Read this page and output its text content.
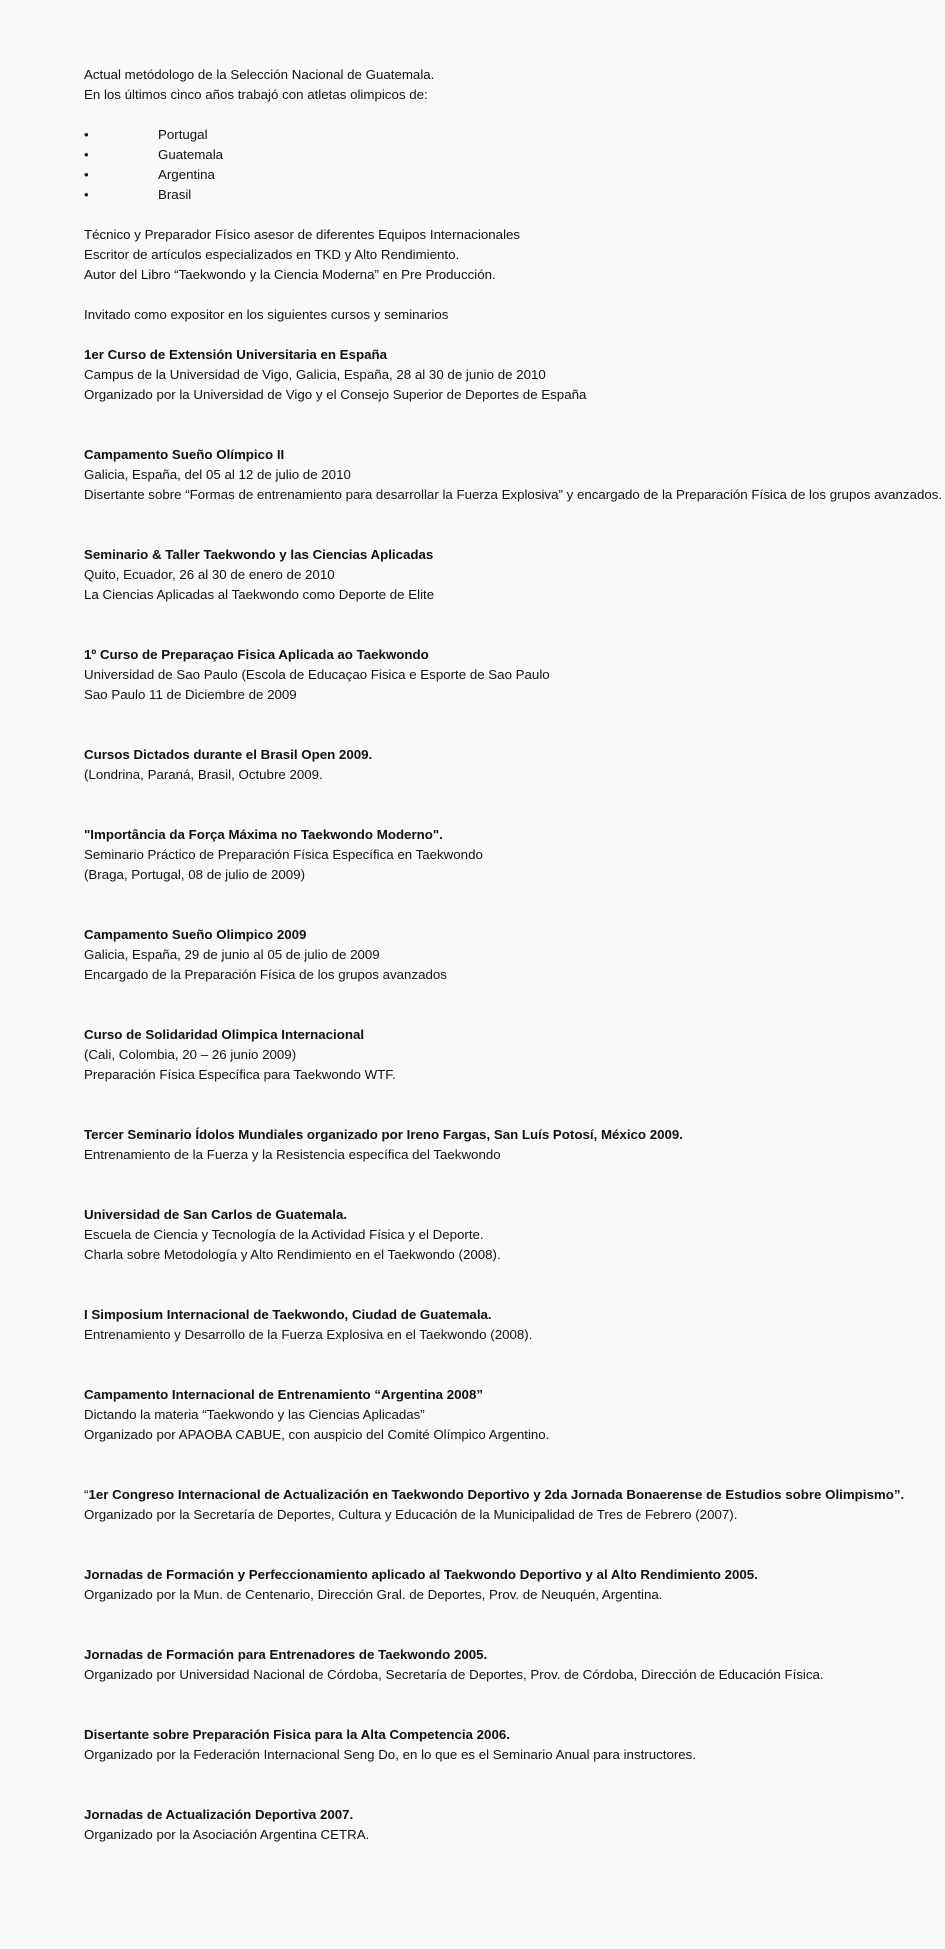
Actual metódologo de la Selección Nacional de Guatemala.

En los últimos cinco años trabajó con atletas olimpicos de:

•	Portugal
•	Guatemala
•	Argentina
•	Brasil

Técnico y Preparador Físico asesor de diferentes Equipos Internacionales

Escritor de artículos especializados en TKD y Alto Rendimiento.

Autor del Libro “Taekwondo y la Ciencia Moderna” en Pre Producción.

Invitado como expositor en los siguientes cursos y seminarios

1er Curso de Extensión Universitaria en España

Campus de la Universidad de Vigo, Galicia, España, 28 al 30 de junio de 2010

Organizado por la Universidad de Vigo y el Consejo Superior de Deportes de España

Campamento Sueño Olímpico II

Galicia, España, del 05 al 12 de julio de 2010

Disertante sobre “Formas de entrenamiento para desarrollar la Fuerza Explosiva” y encargado de la Preparación Física de los grupos avanzados.

Seminario & Taller Taekwondo y las Ciencias Aplicadas

Quito, Ecuador, 26 al 30 de enero de 2010

La Ciencias Aplicadas al Taekwondo como Deporte de Elite

1º Curso de Preparaçao Fisica Aplicada ao Taekwondo

Universidad de Sao Paulo (Escola de Educaçao Fisica e Esporte de Sao Paulo

Sao Paulo 11 de Diciembre de 2009

Cursos Dictados durante el Brasil Open 2009.

(Londrina, Paraná, Brasil, Octubre 2009.

"Importância da Força Máxima no Taekwondo Moderno".

Seminario Práctico de Preparación Física Específica en Taekwondo

(Braga, Portugal, 08 de julio de 2009)

Campamento Sueño Olimpico 2009

Galicia, España, 29 de junio al 05 de julio de 2009

Encargado de la Preparación Física de los grupos avanzados

Curso de Solidaridad Olimpica Internacional

(Cali, Colombia, 20 – 26 junio 2009)

Preparación Física Específica para Taekwondo WTF.

Tercer Seminario Ídolos Mundiales organizado por Ireno Fargas, San Luís Potosí, México 2009.

Entrenamiento de la Fuerza y la Resistencia específica del Taekwondo

Universidad de San Carlos de Guatemala.

Escuela de Ciencia y Tecnología de la Actividad Física y el Deporte.

Charla sobre Metodología y Alto Rendimiento en el Taekwondo (2008).

I Simposium Internacional de Taekwondo, Ciudad de Guatemala.

Entrenamiento y Desarrollo de la Fuerza Explosiva en el Taekwondo (2008).

Campamento Internacional de Entrenamiento “Argentina 2008”

Dictando la materia “Taekwondo y las Ciencias Aplicadas”

Organizado por APAOBA CABUE, con auspicio del Comité Olímpico Argentino.

“1er Congreso Internacional de Actualización en Taekwondo Deportivo y 2da Jornada Bonaerense de Estudios sobre Olimpismo”.

Organizado por la Secretaría de Deportes, Cultura y Educación de la Municipalidad de Tres de Febrero (2007).

Jornadas de Formación y Perfeccionamiento aplicado al Taekwondo Deportivo y al Alto Rendimiento 2005.

Organizado por la Mun. de Centenario, Dirección Gral. de Deportes, Prov. de Neuquén, Argentina.

Jornadas de Formación para Entrenadores de Taekwondo 2005.

Organizado por Universidad Nacional de Córdoba, Secretaría de Deportes, Prov. de Córdoba, Dirección de Educación Física.

Disertante sobre Preparación Fisica para la Alta Competencia 2006.

Organizado por la Federación Internacional Seng Do, en lo que es el Seminario Anual para instructores.

Jornadas de Actualización Deportiva 2007.

Organizado por la Asociación Argentina CETRA.
